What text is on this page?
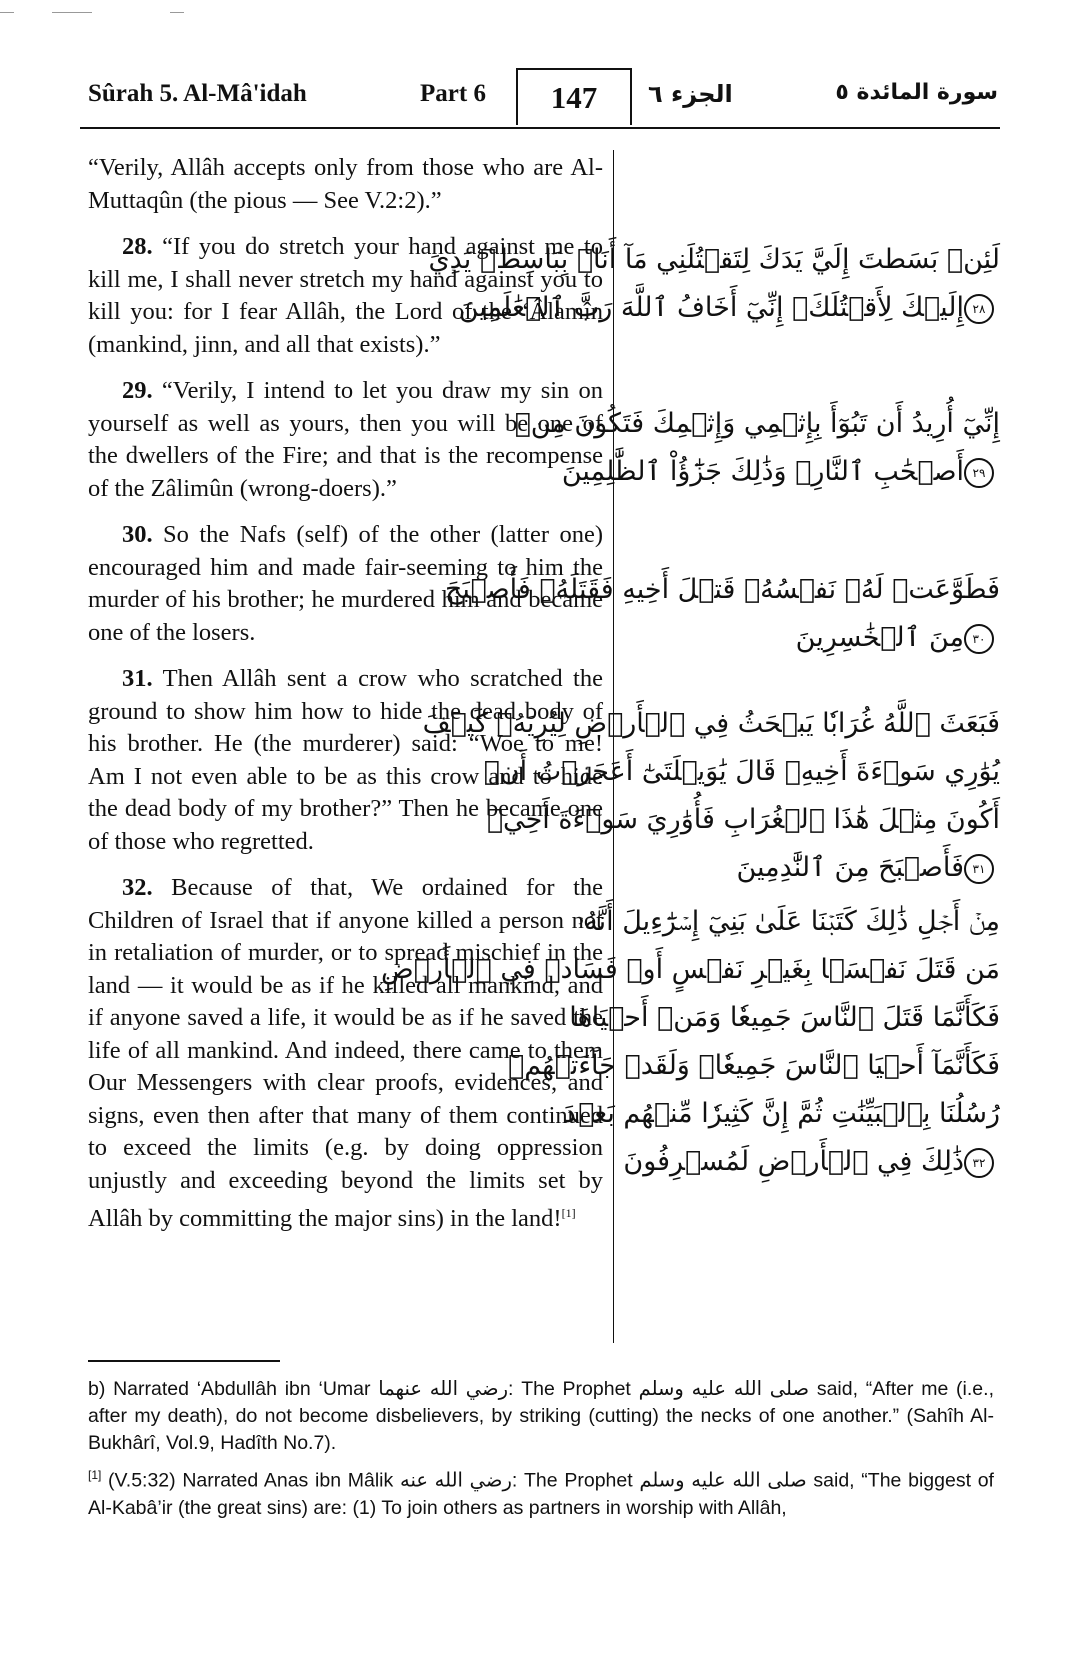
Sûrah 5. Al-Mâ'idah	Part 6	147	الجزء ٦	سورة المائدة ٥

“Verily, Allâh accepts only from those who are Al-Muttaqûn (the pious — See V.2:2).”

28. “If you do stretch your hand against me to kill me, I shall never stretch my hand against you to kill you: for I fear Allâh, the Lord of the ‘Âlamîn (mankind, jinn, and all that exists).”

29. “Verily, I intend to let you draw my sin on yourself as well as yours, then you will be one of the dwellers of the Fire; and that is the recompense of the Zâlimûn (wrong-doers).”

30. So the Nafs (self) of the other (latter one) encouraged him and made fair-seeming to him the murder of his brother; he murdered him and became one of the losers.

31. Then Allâh sent a crow who scratched the ground to show him how to hide the dead body of his brother. He (the murderer) said: “Woe to me! Am I not even able to be as this crow and to hide the dead body of my brother?” Then he became one of those who regretted.

32. Because of that, We ordained for the Children of Israel that if anyone killed a person not in retaliation of murder, or to spread mischief in the land — it would be as if he killed all mankind, and if anyone saved a life, it would be as if he saved the life of all mankind. And indeed, there came to them Our Messengers with clear proofs, evidences, and signs, even then after that many of them continued to exceed the limits (e.g. by doing oppression unjustly and exceeding beyond the limits set by Allâh by committing the major sins) in the land![1]

لَئِنۢ بَسَطتَ إِلَيَّ يَدَكَ لِتَقۡتُلَنِي مَآ أَنَا۠ بِبَاسِطٖ يَدِيَ
٢٨إِلَيۡكَ لِأَقۡتُلَكَۖ إِنِّيٓ أَخَافُ ٱللَّهَ رَبَّ ٱلۡعَٰلَمِينَ
إِنِّيٓ أُرِيدُ أَن تَبُوٓأَ بِإِثۡمِي وَإِثۡمِكَ فَتَكُونَ مِنۡ
٢٩أَصۡحَٰبِ ٱلنَّارِۚ وَذَٰلِكَ جَزَٰٓؤُاْ ٱلظَّٰلِمِينَ
فَطَوَّعَتۡ لَهُۥ نَفۡسُهُۥ قَتۡلَ أَخِيهِ فَقَتَلَهُۥ فَأَصۡبَحَ
٣٠مِنَ ٱلۡخَٰسِرِينَ
فَبَعَثَ ٱللَّهُ غُرَابٗا يَبۡحَثُ فِي ٱلۡأَرۡضِ لِيُرِيَهُۥ كَيۡفَ
يُوَٰرِي سَوۡءَةَ أَخِيهِۚ قَالَ يَٰوَيۡلَتَىٰٓ أَعَجَزۡتُ أَنۡ
أَكُونَ مِثۡلَ هَٰذَا ٱلۡغُرَابِ فَأُوَٰرِيَ سَوۡءَةَ أَخِيۖ
٣١فَأَصۡبَحَ مِنَ ٱلنَّٰدِمِينَ
مِنۡ أَجۡلِ ذَٰلِكَ كَتَبۡنَا عَلَىٰ بَنِيٓ إِسۡرَٰٓءِيلَ أَنَّهُۥ
مَن قَتَلَ نَفۡسَۢا بِغَيۡرِ نَفۡسٍ أَوۡ فَسَادٖ فِي ٱلۡأَرۡضِ
فَكَأَنَّمَا قَتَلَ ٱلنَّاسَ جَمِيعٗا وَمَنۡ أَحۡيَاهَا
فَكَأَنَّمَآ أَحۡيَا ٱلنَّاسَ جَمِيعٗاۚ وَلَقَدۡ جَآءَتۡهُمۡ
رُسُلُنَا بِٱلۡبَيِّنَٰتِ ثُمَّ إِنَّ كَثِيرٗا مِّنۡهُم بَعۡدَ
٣٢ذَٰلِكَ فِي ٱلۡأَرۡضِ لَمُسۡرِفُونَ

b) Narrated ‘Abdullâh ibn ‘Umar رضي الله عنهما: The Prophet صلى الله عليه وسلم said, “After me (i.e., after my death), do not become disbelievers, by striking (cutting) the necks of one another.” (Sahîh Al-Bukhârî, Vol.9, Hadîth No.7).

[1] (V.5:32) Narrated Anas ibn Mâlik رضي الله عنه: The Prophet صلى الله عليه وسلم said, “The biggest of Al-Kabâ’ir (the great sins) are: (1) To join others as partners in worship with Allâh,
